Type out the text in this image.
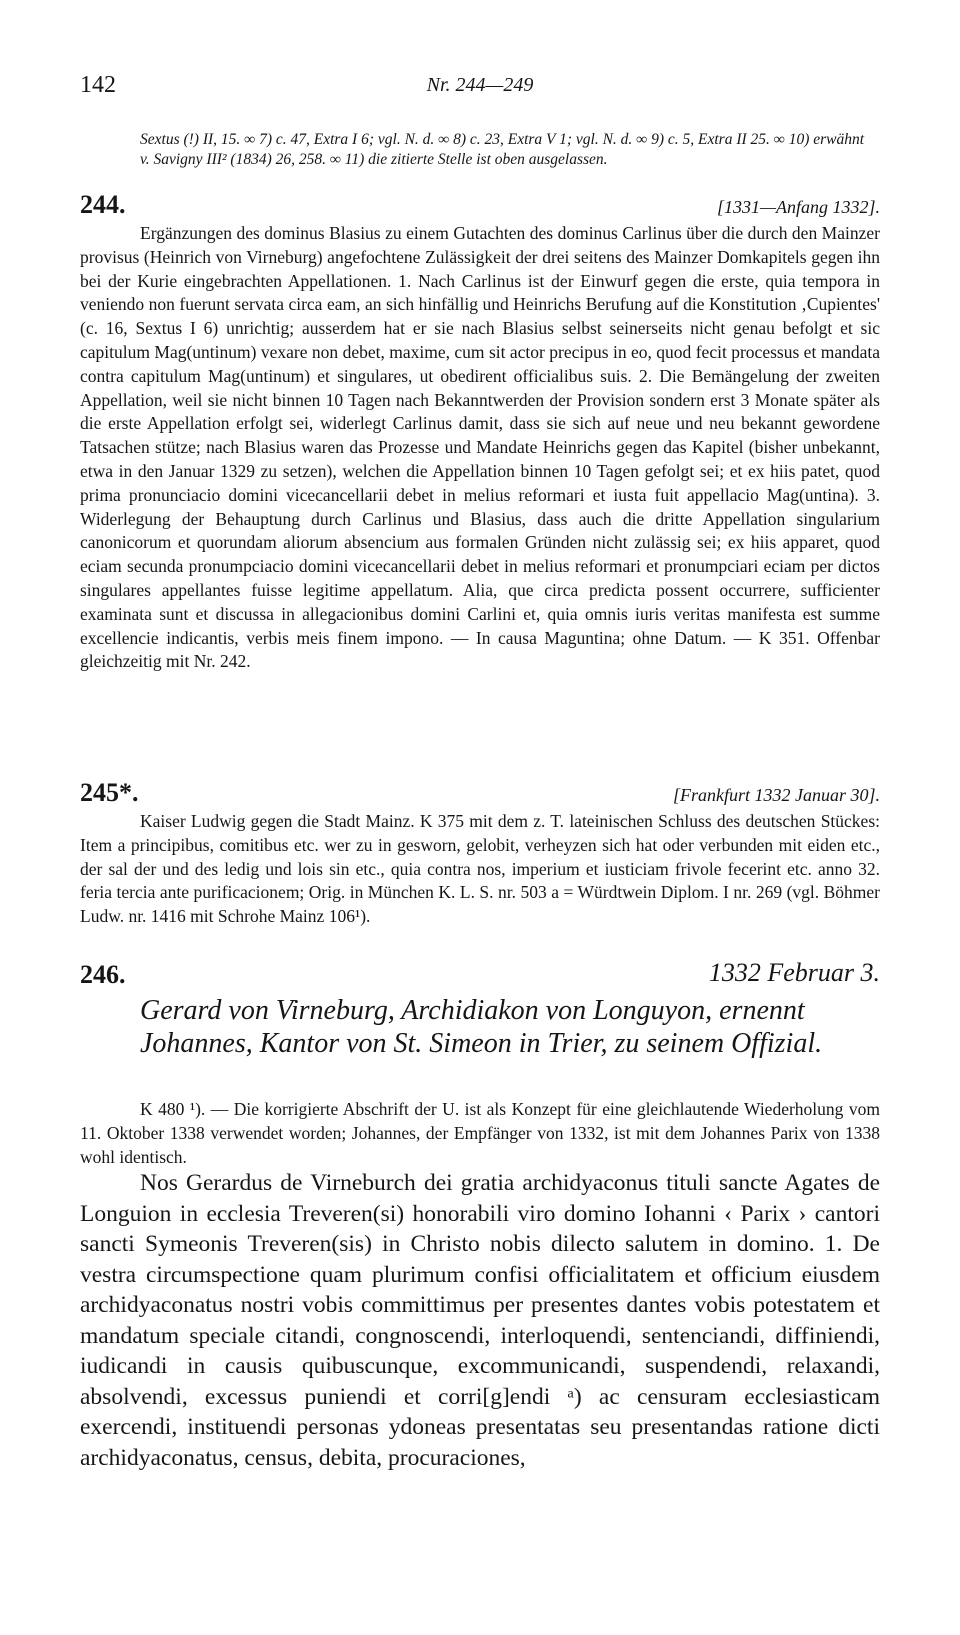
142	Nr. 244—249
Sextus (!) II, 15. ∞ 7) c. 47, Extra I 6; vgl. N. d. ∞ 8) c. 23, Extra V 1; vgl. N. d. ∞ 9) c. 5, Extra II 25. ∞ 10) erwähnt v. Savigny III² (1834) 26, 258. ∞ 11) die zitierte Stelle ist oben ausgelassen.
244.	[1331—Anfang 1332].
Ergänzungen des dominus Blasius zu einem Gutachten des dominus Carlinus über die durch den Mainzer provisus (Heinrich von Virneburg) angefochtene Zulässigkeit der drei seitens des Mainzer Domkapitels gegen ihn bei der Kurie eingebrachten Appellationen. 1. Nach Carlinus ist der Einwurf gegen die erste, quia tempora in veniendo non fuerunt servata circa eam, an sich hinfällig und Heinrichs Berufung auf die Konstitution ‚Cupientes' (c. 16, Sextus I 6) unrichtig; ausserdem hat er sie nach Blasius selbst seinerseits nicht genau befolgt et sic capitulum Mag(untinum) vexare non debet, maxime, cum sit actor precipus in eo, quod fecit processus et mandata contra capitulum Mag(untinum) et singulares, ut obedirent officialibus suis. 2. Die Bemängelung der zweiten Appellation, weil sie nicht binnen 10 Tagen nach Bekanntwerden der Provision sondern erst 3 Monate später als die erste Appellation erfolgt sei, widerlegt Carlinus damit, dass sie sich auf neue und neu bekannt gewordene Tatsachen stütze; nach Blasius waren das Prozesse und Mandate Heinrichs gegen das Kapitel (bisher unbekannt, etwa in den Januar 1329 zu setzen), welchen die Appellation binnen 10 Tagen gefolgt sei; et ex hiis patet, quod prima pronunciacio domini vicecancellarii debet in melius reformari et iusta fuit appellacio Mag(untina). 3. Widerlegung der Behauptung durch Carlinus und Blasius, dass auch die dritte Appellation singularium canonicorum et quorundam aliorum absencium aus formalen Gründen nicht zulässig sei; ex hiis apparet, quod eciam secunda pronumpciacio domini vicecancellarii debet in melius reformari et pronumpciari eciam per dictos singulares appellantes fuisse legitime appellatum. Alia, que circa predicta possent occurrere, sufficienter examinata sunt et discussa in allegacionibus domini Carlini et, quia omnis iuris veritas manifesta est summe excellencie indicantis, verbis meis finem impono. — In causa Maguntina; ohne Datum. — K 351. Offenbar gleichzeitig mit Nr. 242.
245*.	[Frankfurt 1332 Januar 30].
Kaiser Ludwig gegen die Stadt Mainz. K 375 mit dem z. T. lateinischen Schluss des deutschen Stückes: Item a principibus, comitibus etc. wer zu in gesworn, gelobit, verheyzen sich hat oder verbunden mit eiden etc., der sal der und des ledig und lois sin etc., quia contra nos, imperium et iusticiam frivole fecerint etc. anno 32. feria tercia ante purificacionem; Orig. in München K. L. S. nr. 503 a = Würdtwein Diplom. I nr. 269 (vgl. Böhmer Ludw. nr. 1416 mit Schrohe Mainz 106¹).
246.	1332 Februar 3.
Gerard von Virneburg, Archidiakon von Longuyon, ernennt Johannes, Kantor von St. Simeon in Trier, zu seinem Offizial.
K 480 ¹). — Die korrigierte Abschrift der U. ist als Konzept für eine gleichlautende Wiederholung vom 11. Oktober 1338 verwendet worden; Johannes, der Empfänger von 1332, ist mit dem Johannes Parix von 1338 wohl identisch.
Nos Gerardus de Virneburch dei gratia archidyaconus tituli sancte Agates de Longuion in ecclesia Treveren(si) honorabili viro domino Iohanni ‹ Parix › cantori sancti Symeonis Treveren(sis) in Christo nobis dilecto salutem in domino. 1. De vestra circumspectione quam plurimum confisi officialitatem et officium eiusdem archidyaconatus nostri vobis committimus per presentes dantes vobis potestatem et mandatum speciale citandi, congnoscendi, interloquendi, sentenciandi, diffiniendi, iudicandi in causis quibuscunque, excommunicandi, suspendendi, relaxandi, absolvendi, excessus puniendi et corri[g]endi ᵃ) ac censuram ecclesiasticam exercendi, instituendi personas ydoneas presentatas seu presentandas ratione dicti archidyaconatus, census, debita, procuraciones,
